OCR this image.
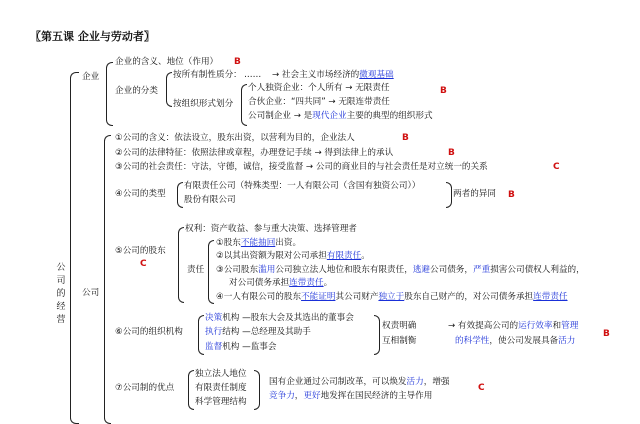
〖第五课 企业与劳动者〗
公司的经营
企业
企业的含义、地位（作用） B
企业的分类
按所有制性质分： …… → 社会主义市场经济的微观基础
按组织形式划分
个人独资企业：个人所有 → 无限责任	B
合伙企业：“四共同” → 无限连带责任
公司制企业 → 是现代企业主要的典型的组织形式
公司
①公司的含义：依法设立，股东出资，以营利为目的，企业法人	B
②公司的法律特征：依照法律或章程，办理登记手续 → 得到法律上的承认	B
③公司的社会责任：守法，守德，诚信，接受监督 → 公司的商业目的与社会责任是对立统一的关系	C
④公司的类型
有限责任公司（特殊类型：一人有限公司（含国有独资公司））
股份有限公司
两者的异同 B
⑤公司的股东
C
权利：资产收益、参与重大决策、选择管理者
责任
①股东不能抽回出资。
②以其出资额为限对公司承担有限责任。
③公司股东滥用公司独立法人地位和股东有限责任，逃避公司债务，严重损害公司债权人利益的，
对公司债务承担连带责任。
④一人有限公司的股东不能证明其公司财产独立于股东自己财产的，对公司债务承担连带责任
⑥公司的组织机构
决策机构 —股东大会及其选出的董事会
执行结构 —总经理及其助手
监督机构 —监事会
权责明确
互相制衡
→ 有效提高公司的运行效率和管理
的科学性，使公司发展具备活力
B
⑦公司制的优点
独立法人地位
有限责任制度
科学管理结构
国有企业通过公司制改革，可以焕发活力，增强
竞争力，更好地发挥在国民经济的主导作用
C
